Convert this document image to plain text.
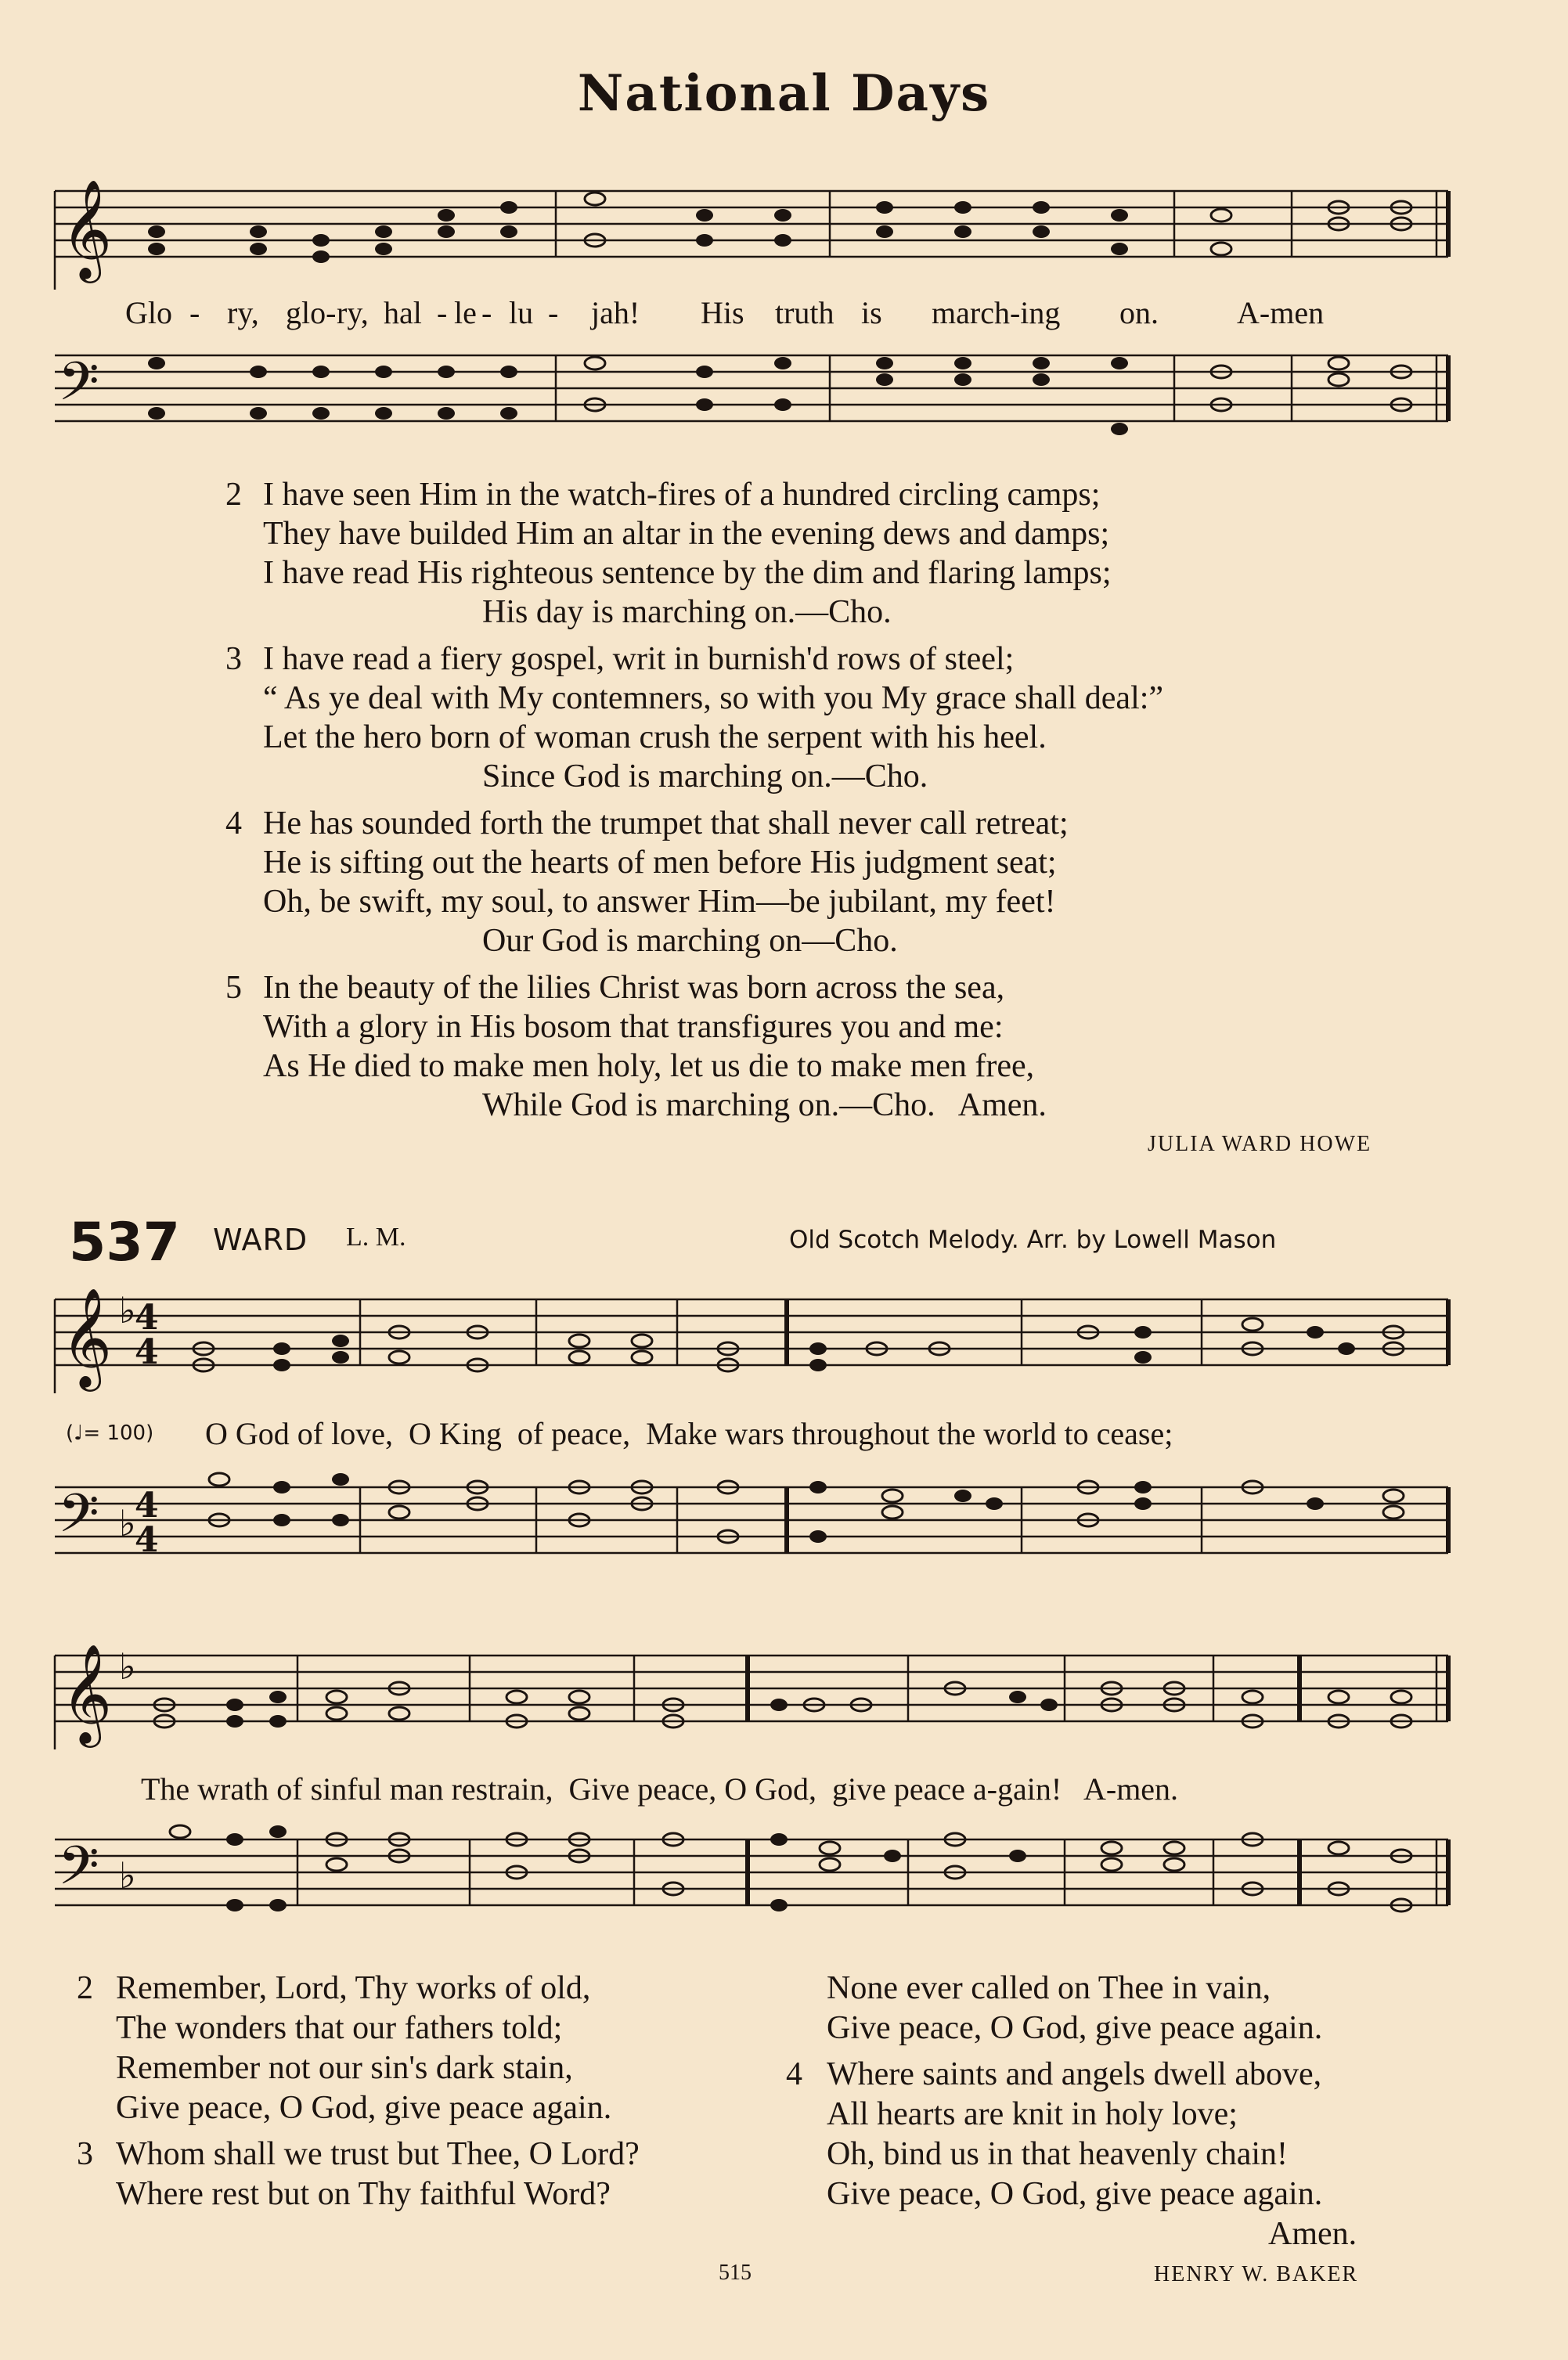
National Days
𝄞
Glo - ry, glo- ry, hal - le - lu - jah! His truth is march-ing on.	A-men
𝄢
2 I have seen Him in the watch-fires of a hundred circling camps;
They have builded Him an altar in the evening dews and damps;
I have read His righteous sentence by the dim and flaring lamps;
His day is marching on.—Cho.
3 I have read a fiery gospel, writ in burnish'd rows of steel;
“ As ye deal with My contemners, so with you My grace shall deal:”
Let the hero born of woman crush the serpent with his heel.
Since God is marching on.—Cho.
4 He has sounded forth the trumpet that shall never call retreat;
He is sifting out the hearts of men before His judgment seat;
Oh, be swift, my soul, to answer Him—be jubilant, my feet!
Our God is marching on—Cho.
5 In the beauty of the lilies Christ was born across the sea,
With a glory in His bosom that transfigures you and me:
As He died to make men holy, let us die to make men free,
While God is marching on.—Cho.   Amen.
JULIA WARD HOWE
537 WARD L. M.	Old Scotch Melody. Arr. by Lowell Mason
𝄞 ♭
4
4
(♩= 100) O God of love,  O King  of peace,  Make wars throughout the world to cease;
𝄢 ♭
4
4
𝄞 ♭
The wrath of sinful man restrain,  Give peace, O God,  give peace a-gain!   A-men.
𝄢 ♭
2 Remember, Lord, Thy works of old,
The wonders that our fathers told;
Remember not our sin's dark stain,
Give peace, O God, give peace again.
3 Whom shall we trust but Thee, O Lord?
Where rest but on Thy faithful Word?
None ever called on Thee in vain,
Give peace, O God, give peace again.
4 Where saints and angels dwell above,
All hearts are knit in holy love;
Oh, bind us in that heavenly chain!
Give peace, O God, give peace again.
Amen.
515	HENRY W. BAKER
